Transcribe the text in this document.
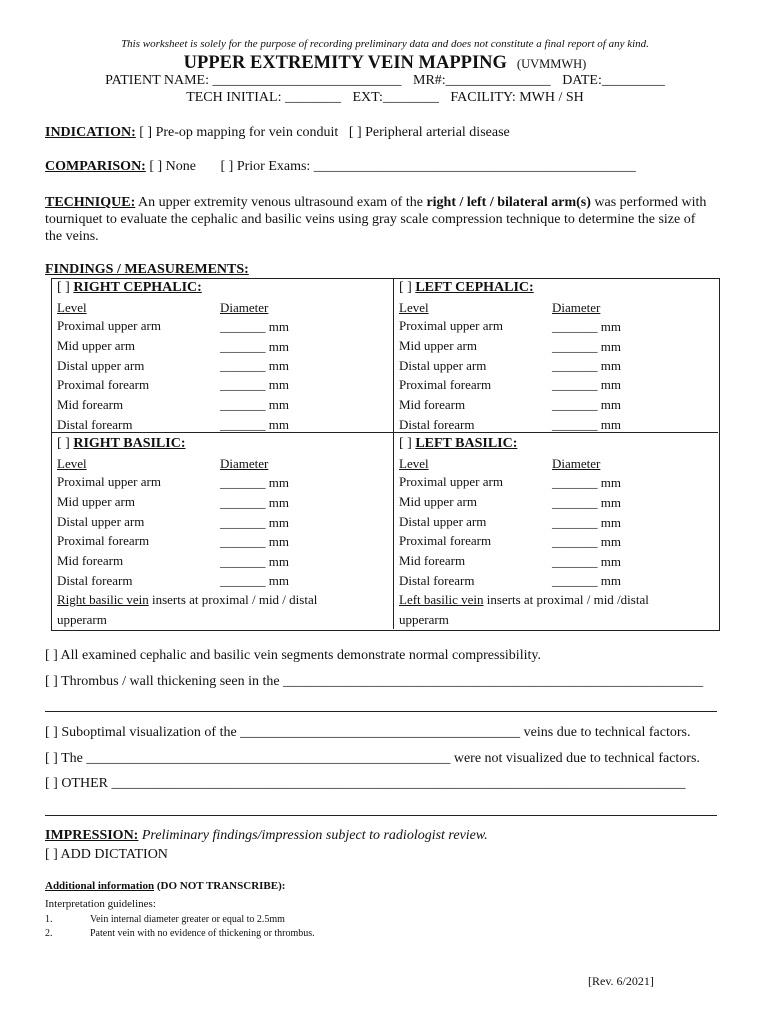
This worksheet is solely for the purpose of recording preliminary data and does not constitute a final report of any kind.
UPPER EXTREMITY VEIN MAPPING (UVMMWH)
PATIENT NAME: ___________________________ MR#:_______________ DATE:_________
TECH INITIAL: ________ EXT:________ FACILITY: MWH / SH
INDICATION: [ ] Pre-op mapping for vein conduit   [ ] Peripheral arterial disease
COMPARISON: [ ] None       [ ] Prior Exams: ______________________________________________
TECHNIQUE: An upper extremity venous ultrasound exam of the right / left / bilateral arm(s) was performed with tourniquet to evaluate the cephalic and basilic veins using gray scale compression technique to determine the size of the veins.
FINDINGS / MEASUREMENTS:
[ ] RIGHT CEPHALIC:
Level	Diameter
Proximal upper arm	_______ mm
Mid upper arm	_______ mm
Distal upper arm	_______ mm
Proximal forearm	_______ mm
Mid forearm	_______ mm
Distal forearm	_______ mm
[ ] LEFT CEPHALIC:
Level	Diameter
Proximal upper arm	_______ mm
Mid upper arm	_______ mm
Distal upper arm	_______ mm
Proximal forearm	_______ mm
Mid forearm	_______ mm
Distal forearm	_______ mm
[ ] RIGHT BASILIC:
Level	Diameter
Proximal upper arm	_______ mm
Mid upper arm	_______ mm
Distal upper arm	_______ mm
Proximal forearm	_______ mm
Mid forearm	_______ mm
Distal forearm	_______ mm
Right basilic vein inserts at proximal / mid / distal
upperarm
[ ] LEFT BASILIC:
Level	Diameter
Proximal upper arm	_______ mm
Mid upper arm	_______ mm
Distal upper arm	_______ mm
Proximal forearm	_______ mm
Mid forearm	_______ mm
Distal forearm	_______ mm
Left basilic vein inserts at proximal / mid /distal
upperarm
[ ] All examined cephalic and basilic vein segments demonstrate normal compressibility.
[ ] Thrombus / wall thickening seen in the ____________________________________________________________
[ ] Suboptimal visualization of the ________________________________________ veins due to technical factors.
[ ] The ____________________________________________________ were not visualized due to technical factors.
[ ] OTHER __________________________________________________________________________________
IMPRESSION: Preliminary findings/impression subject to radiologist review.
[ ] ADD DICTATION
Additional information (DO NOT TRANSCRIBE):
Interpretation guidelines:
1.	Vein internal diameter greater or equal to 2.5mm
2.	Patent vein with no evidence of thickening or thrombus.
[Rev. 6/2021]
